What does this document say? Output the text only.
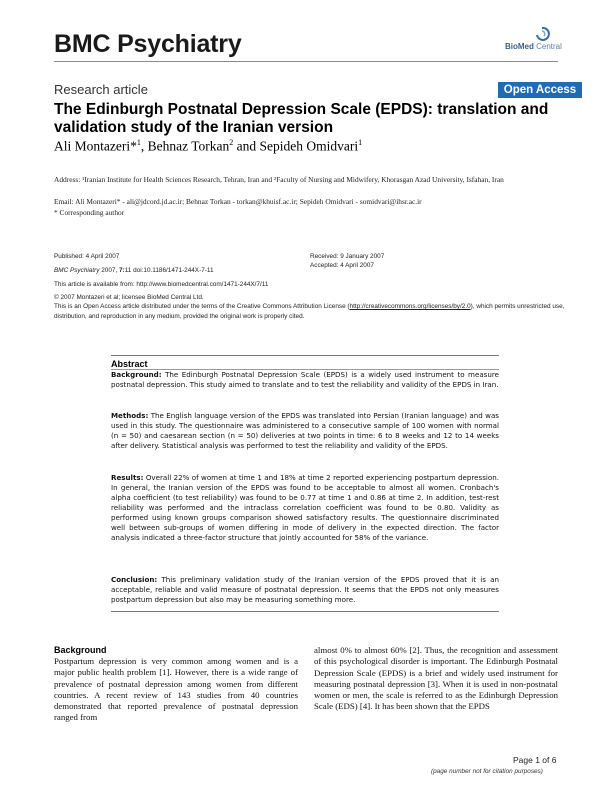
BMC Psychiatry	BioMed Central
Research article	Open Access
The Edinburgh Postnatal Depression Scale (EPDS): translation and validation study of the Iranian version
Ali Montazeri*$^1$, Behnaz Torkan$^2$ and Sepideh Omidvari$^1$
Address: ¹Iranian Institute for Health Sciences Research, Tehran, Iran and ²Faculty of Nursing and Midwifery, Khorasgan Azad University, Isfahan, Iran
Email: Ali Montazeri* - ali@jdcord.jd.ac.ir; Behnaz Torkan - torkan@khuisf.ac.ir; Sepideh Omidvari - somidvari@ihsr.ac.ir
* Corresponding author
Published: 4 April 2007
BMC Psychiatry 2007, 7:11 doi:10.1186/1471-244X-7-11
This article is available from: http://www.biomedcentral.com/1471-244X/7/11
Received: 9 January 2007
Accepted: 4 April 2007
© 2007 Montazeri et al; licensee BioMed Central Ltd.
This is an Open Access article distributed under the terms of the Creative Commons Attribution License (http://creativecommons.org/licenses/by/2.0), which permits unrestricted use, distribution, and reproduction in any medium, provided the original work is properly cited.
Abstract
Background: The Edinburgh Postnatal Depression Scale (EPDS) is a widely used instrument to measure postnatal depression. This study aimed to translate and to test the reliability and validity of the EPDS in Iran.
Methods: The English language version of the EPDS was translated into Persian (Iranian language) and was used in this study. The questionnaire was administered to a consecutive sample of 100 women with normal (n = 50) and caesarean section (n = 50) deliveries at two points in time: 6 to 8 weeks and 12 to 14 weeks after delivery. Statistical analysis was performed to test the reliability and validity of the EPDS.
Results: Overall 22% of women at time 1 and 18% at time 2 reported experiencing postpartum depression. In general, the Iranian version of the EPDS was found to be acceptable to almost all women. Cronbach's alpha coefficient (to test reliability) was found to be 0.77 at time 1 and 0.86 at time 2. In addition, test-rest reliability was performed and the intraclass correlation coefficient was found to be 0.80. Validity as performed using known groups comparison showed satisfactory results. The questionnaire discriminated well between sub-groups of women differing in mode of delivery in the expected direction. The factor analysis indicated a three-factor structure that jointly accounted for 58% of the variance.
Conclusion: This preliminary validation study of the Iranian version of the EPDS proved that it is an acceptable, reliable and valid measure of postnatal depression. It seems that the EPDS not only measures postpartum depression but also may be measuring something more.
Background
Postpartum depression is very common among women and is a major public health problem [1]. However, there is a wide range of prevalence of postnatal depression among women from different countries. A recent review of 143 studies from 40 countries demonstrated that reported prevalence of postnatal depression ranged from
almost 0% to almost 60% [2]. Thus, the recognition and assessment of this psychological disorder is important. The Edinburgh Postnatal Depression Scale (EPDS) is a brief and widely used instrument for measuring postnatal depression [3]. When it is used in non-postnatal women or men, the scale is referred to as the Edinburgh Depression Scale (EDS) [4]. It has been shown that the EPDS
Page 1 of 6
(page number not for citation purposes)
